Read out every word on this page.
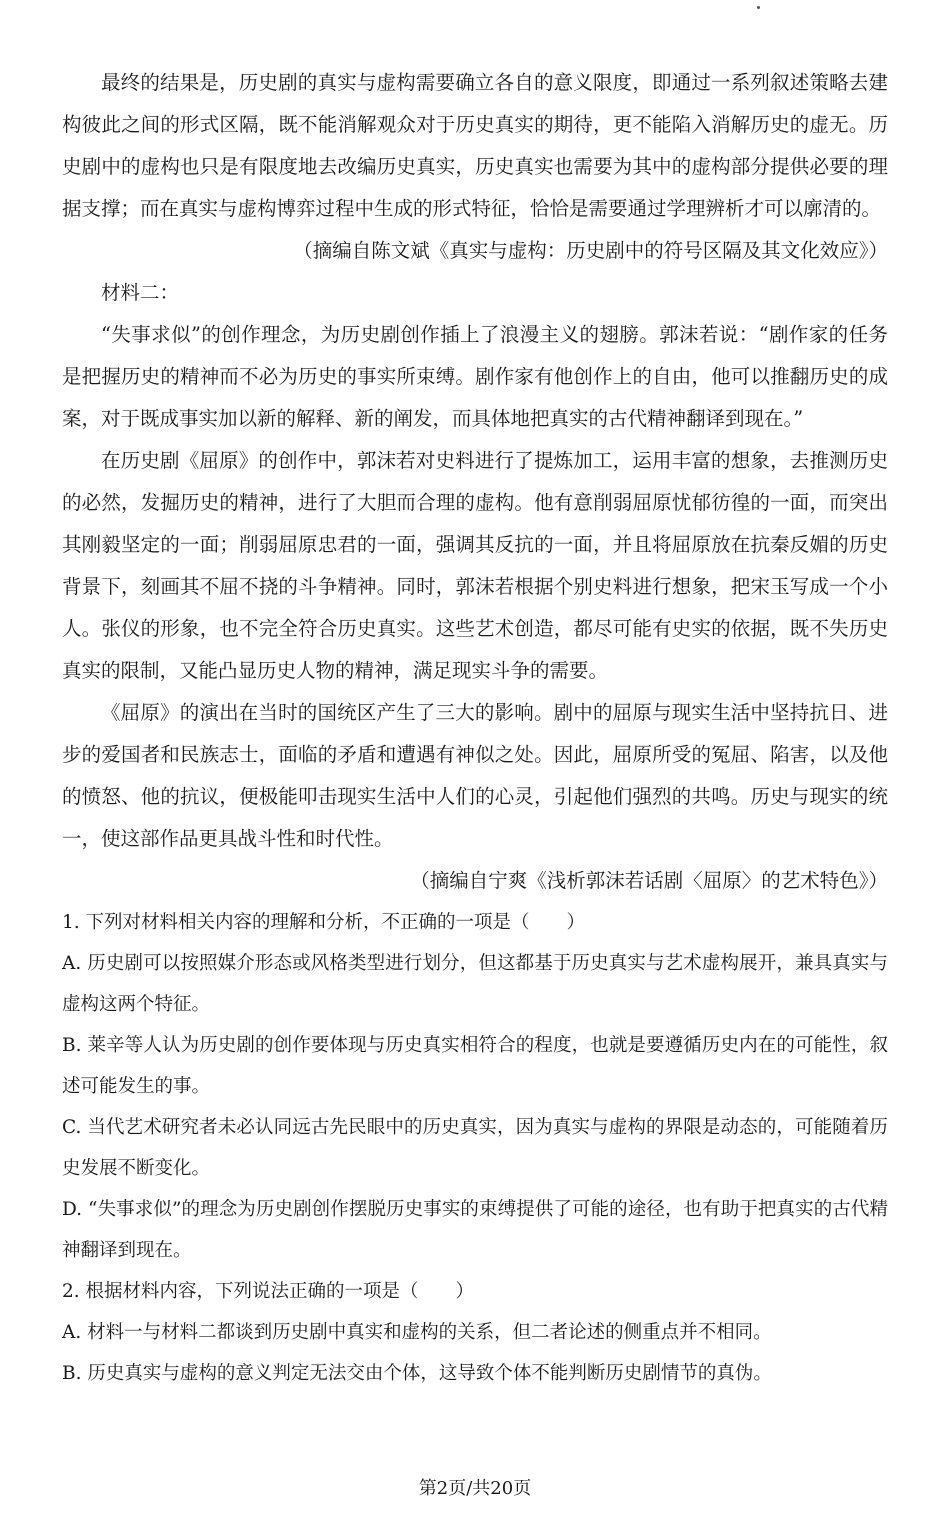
最终的结果是，历史剧的真实与虚构需要确立各自的意义限度，即通过一系列叙述策略去建构彼此之间的形式区隔，既不能消解观众对于历史真实的期待，更不能陷入消解历史的虚无。历史剧中的虚构也只是有限度地去改编历史真实，历史真实也需要为其中的虚构部分提供必要的理据支撑；而在真实与虚构博弈过程中生成的形式特征，恰恰是需要通过学理辨析才可以廓清的。

（摘编自陈文斌《真实与虚构：历史剧中的符号区隔及其文化效应》）

材料二：

“失事求似”的创作理念，为历史剧创作插上了浪漫主义的翅膀。郭沫若说：“剧作家的任务是把握历史的精神而不必为历史的事实所束缚。剧作家有他创作上的自由，他可以推翻历史的成案，对于既成事实加以新的解释、新的阐发，而具体地把真实的古代精神翻译到现在。”

在历史剧《屈原》的创作中，郭沫若对史料进行了提炼加工，运用丰富的想象，去推测历史的必然，发掘历史的精神，进行了大胆而合理的虚构。他有意削弱屈原忧郁彷徨的一面，而突出其刚毅坚定的一面；削弱屈原忠君的一面，强调其反抗的一面，并且将屈原放在抗秦反媚的历史背景下，刻画其不屈不挠的斗争精神。同时，郭沫若根据个别史料进行想象，把宋玉写成一个小人。张仪的形象，也不完全符合历史真实。这些艺术创造，都尽可能有史实的依据，既不失历史真实的限制，又能凸显历史人物的精神，满足现实斗争的需要。

《屈原》的演出在当时的国统区产生了三大的影响。剧中的屈原与现实生活中坚持抗日、进步的爱国者和民族志士，面临的矛盾和遭遇有神似之处。因此，屈原所受的冤屈、陷害，以及他的愤怒、他的抗议，便极能叩击现实生活中人们的心灵，引起他们强烈的共鸣。历史与现实的统一，使这部作品更具战斗性和时代性。

（摘编自宁爽《浅析郭沫若话剧〈屈原〉的艺术特色》）

1. 下列对材料相关内容的理解和分析，不正确的一项是（　　）

A. 历史剧可以按照媒介形态或风格类型进行划分，但这都基于历史真实与艺术虚构展开，兼具真实与虚构这两个特征。

B. 莱辛等人认为历史剧的创作要体现与历史真实相符合的程度，也就是要遵循历史内在的可能性，叙述可能发生的事。

C. 当代艺术研究者未必认同远古先民眼中的历史真实，因为真实与虚构的界限是动态的，可能随着历史发展不断变化。

D. “失事求似”的理念为历史剧创作摆脱历史事实的束缚提供了可能的途径，也有助于把真实的古代精神翻译到现在。

2. 根据材料内容，下列说法正确的一项是（　　）

A. 材料一与材料二都谈到历史剧中真实和虚构的关系，但二者论述的侧重点并不相同。

B. 历史真实与虚构的意义判定无法交由个体，这导致个体不能判断历史剧情节的真伪。

第2页/共20页
